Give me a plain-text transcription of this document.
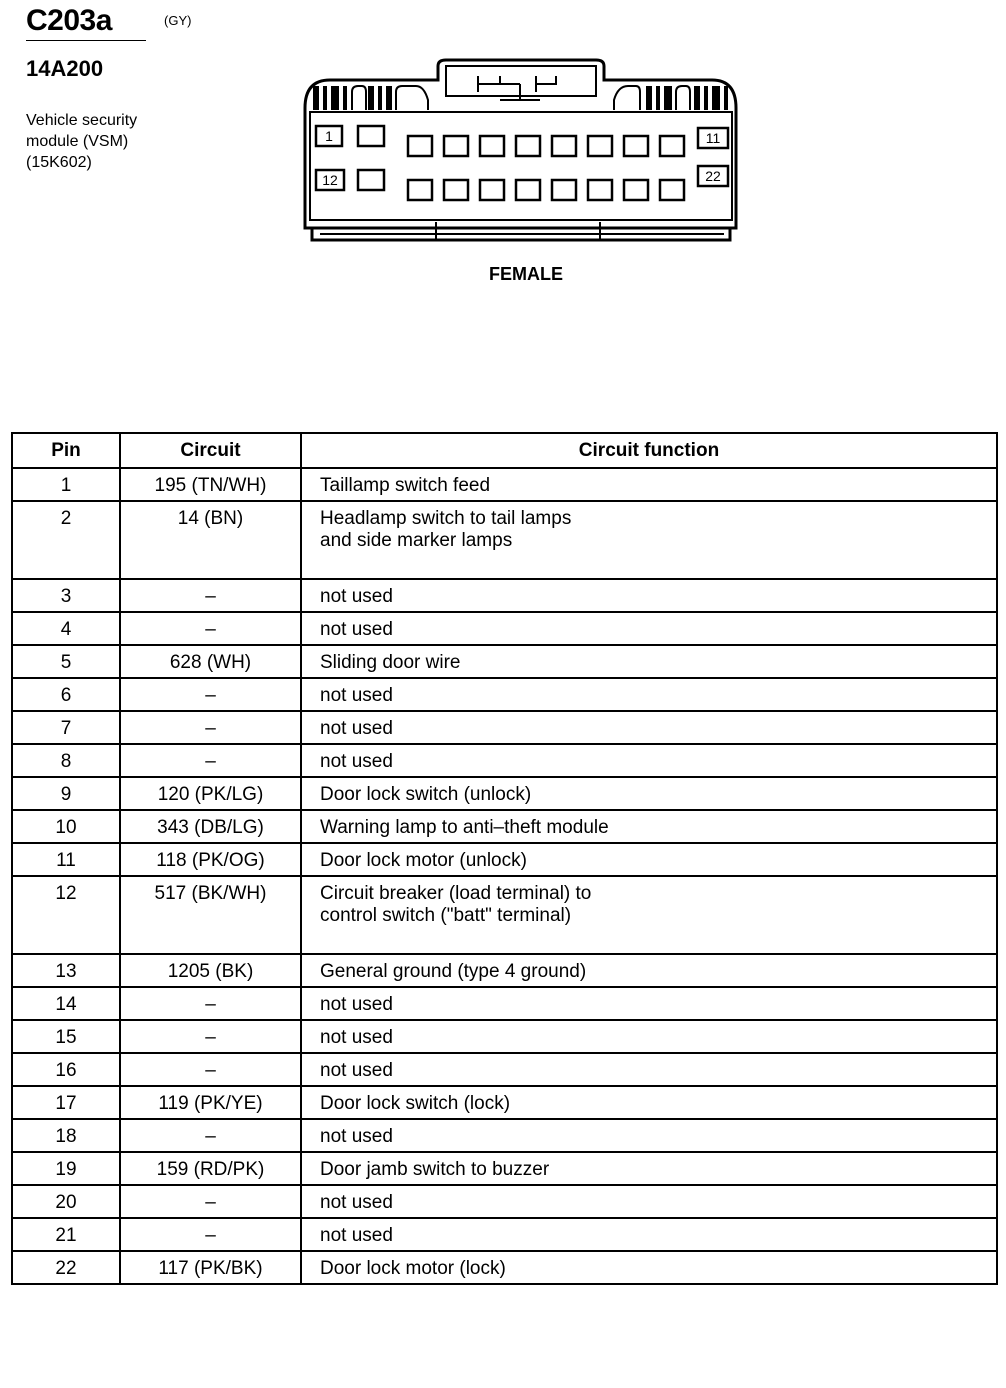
C203a	(GY)
14A200
Vehicle security
module (VSM)
(15K602)
1	11
12	22
FEMALE
Pin	Circuit	Circuit function
1	195 (TN/WH)	Taillamp switch feed
2	14 (BN)	Headlamp switch to tail lamps
and side marker lamps
3	–	not used
4	–	not used
5	628 (WH)	Sliding door wire
6	–	not used
7	–	not used
8	–	not used
9	120 (PK/LG)	Door lock switch (unlock)
10	343 (DB/LG)	Warning lamp to anti–theft module
11	118 (PK/OG)	Door lock motor (unlock)
12	517 (BK/WH)	Circuit breaker (load terminal) to
control switch ("batt" terminal)
13	1205 (BK)	General ground (type 4 ground)
14	–	not used
15	–	not used
16	–	not used
17	119 (PK/YE)	Door lock switch (lock)
18	–	not used
19	159 (RD/PK)	Door jamb switch to buzzer
20	–	not used
21	–	not used
22	117 (PK/BK)	Door lock motor (lock)
